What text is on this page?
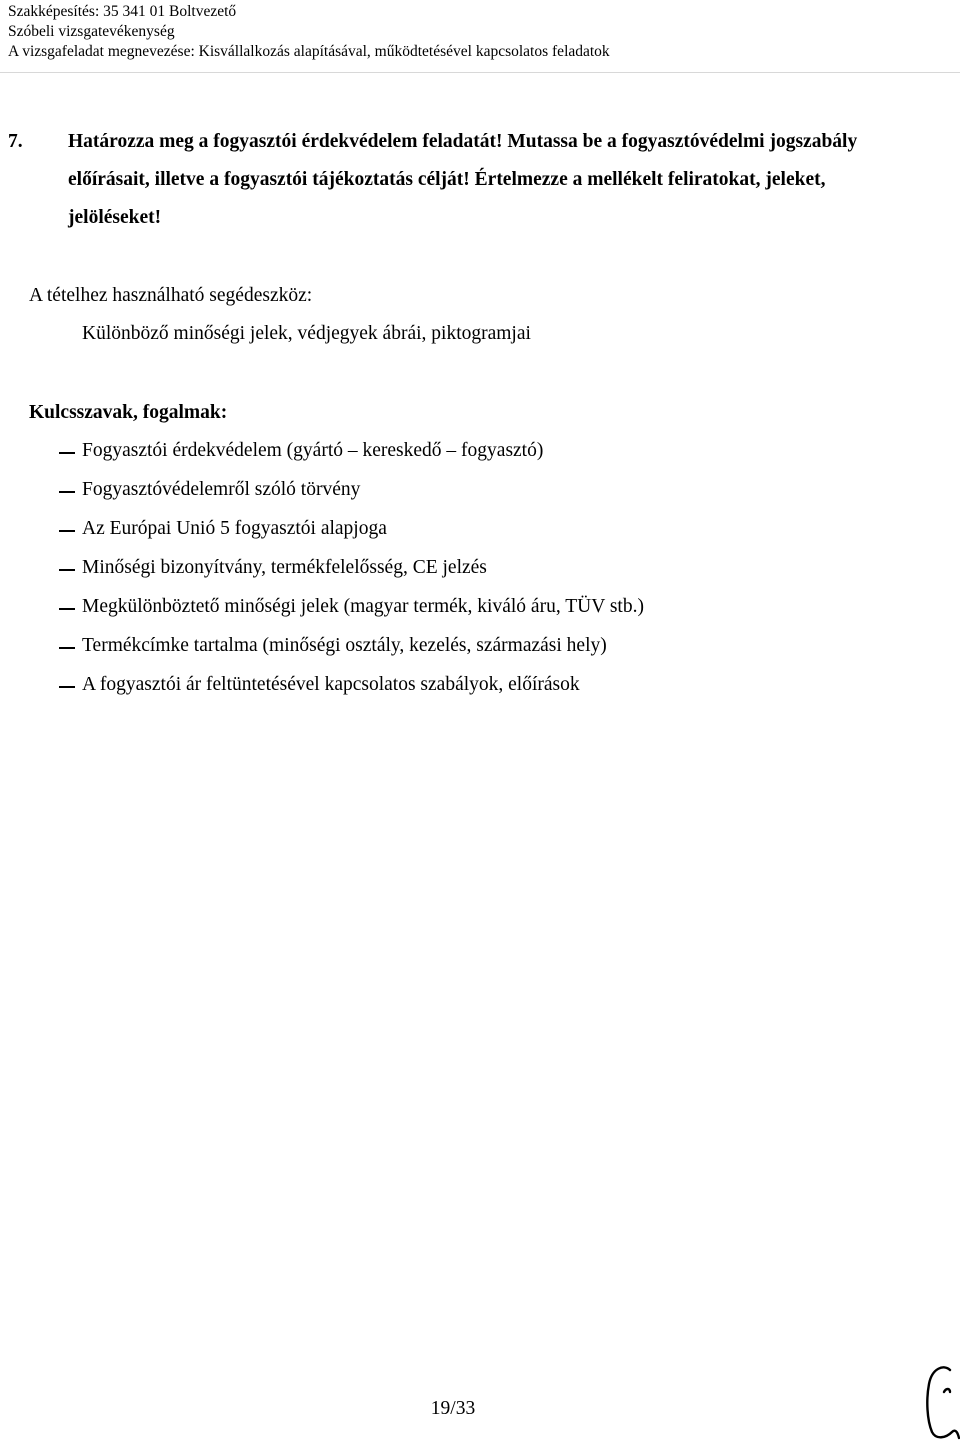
Szakképesítés: 35 341 01 Boltvezető
Szóbeli vizsgatevékenység
A vizsgafeladat megnevezése: Kisvállalkozás alapításával, működtetésével kapcsolatos feladatok
7. Határozza meg a fogyasztói érdekvédelem feladatát! Mutassa be a fogyasztóvédelmi jogszabály előírásait, illetve a fogyasztói tájékoztatás célját! Értelmezze a mellékelt feliratokat, jeleket, jelöléseket!
A tételhez használható segédeszköz:
Különböző minőségi jelek, védjegyek ábrái, piktogramjai
Kulcsszavak, fogalmak:
Fogyasztói érdekvédelem (gyártó – kereskedő – fogyasztó)
Fogyasztóvédelemről szóló törvény
Az Európai Unió 5 fogyasztói alapjoga
Minőségi bizonyítvány, termékfelelősség, CE jelzés
Megkülönböztető minőségi jelek (magyar termék, kiváló áru, TÜV stb.)
Termékcímke tartalma (minőségi osztály, kezelés, származási hely)
A fogyasztói ár feltüntetésével kapcsolatos szabályok, előírások
19/33
